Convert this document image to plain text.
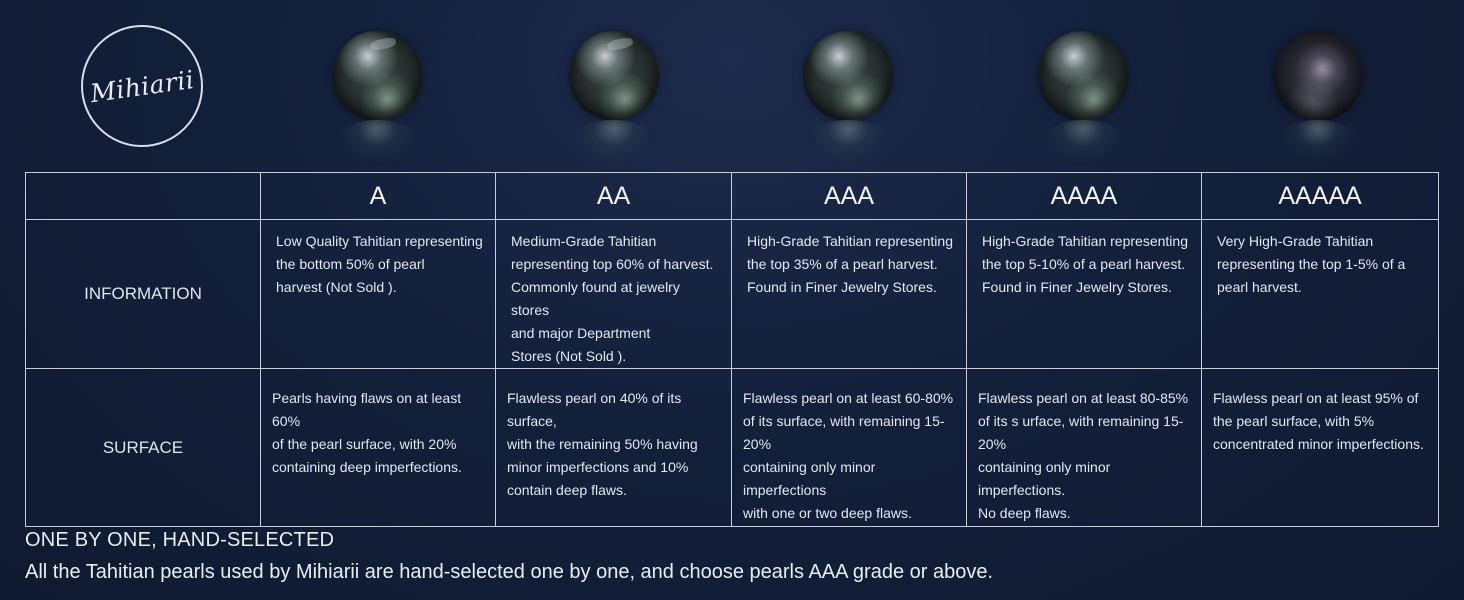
Mihiarii
	A	AA	AAA	AAAA	AAAAA
INFORMATION	Low Quality Tahitian representing
the bottom 50% of pearl
harvest (Not Sold ).	Medium-Grade Tahitian
representing top 60% of harvest.
Commonly found at jewelry stores
and major Department
Stores (Not Sold ).	High-Grade Tahitian representing
the top 35% of a pearl harvest.
Found in Finer Jewelry Stores.	High-Grade Tahitian representing
the top 5-10% of a pearl harvest.
Found in Finer Jewelry Stores.	Very High-Grade Tahitian
representing the top 1-5% of a
pearl harvest.

SURFACE	Pearls having flaws on at least 60%
of the pearl surface, with 20%
containing deep imperfections.	Flawless pearl on 40% of its surface,
with the remaining 50% having
minor imperfections and 10%
contain deep flaws.	Flawless pearl on at least 60-80%
of its surface, with remaining 15-20%
containing only minor imperfections
with one or two deep flaws.	Flawless pearl on at least 80-85%
of its s urface, with remaining 15-20%
containing only minor imperfections.
No deep flaws.	Flawless pearl on at least 95% of
the pearl surface, with 5%
concentrated minor imperfections.
ONE BY ONE, HAND-SELECTED
All the Tahitian pearls used by Mihiarii are hand-selected one by one, and choose pearls AAA grade or above.
